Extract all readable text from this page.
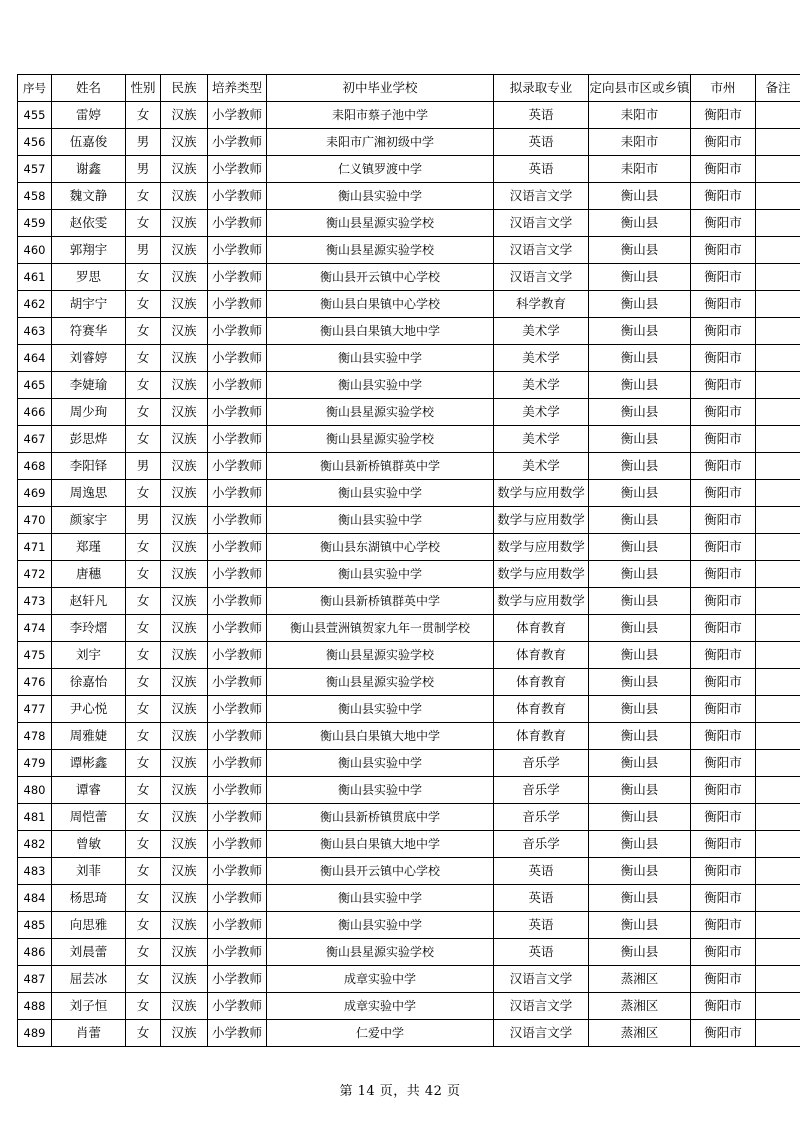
序号	姓名	性别	民族	培养类型	初中毕业学校	拟录取专业	定向县市区或乡镇	市州	备注
455	雷婷	女	汉族	小学教师	耒阳市蔡子池中学	英语	耒阳市	衡阳市	
456	伍嘉俊	男	汉族	小学教师	耒阳市广湘初级中学	英语	耒阳市	衡阳市	
457	谢鑫	男	汉族	小学教师	仁义镇罗渡中学	英语	耒阳市	衡阳市	
458	魏文静	女	汉族	小学教师	衡山县实验中学	汉语言文学	衡山县	衡阳市	
459	赵依雯	女	汉族	小学教师	衡山县星源实验学校	汉语言文学	衡山县	衡阳市	
460	郭翔宇	男	汉族	小学教师	衡山县星源实验学校	汉语言文学	衡山县	衡阳市	
461	罗思	女	汉族	小学教师	衡山县开云镇中心学校	汉语言文学	衡山县	衡阳市	
462	胡宇宁	女	汉族	小学教师	衡山县白果镇中心学校	科学教育	衡山县	衡阳市	
463	符赛华	女	汉族	小学教师	衡山县白果镇大地中学	美术学	衡山县	衡阳市	
464	刘睿婷	女	汉族	小学教师	衡山县实验中学	美术学	衡山县	衡阳市	
465	李婕瑜	女	汉族	小学教师	衡山县实验中学	美术学	衡山县	衡阳市	
466	周少珣	女	汉族	小学教师	衡山县星源实验学校	美术学	衡山县	衡阳市	
467	彭思烨	女	汉族	小学教师	衡山县星源实验学校	美术学	衡山县	衡阳市	
468	李阳铎	男	汉族	小学教师	衡山县新桥镇群英中学	美术学	衡山县	衡阳市	
469	周逸思	女	汉族	小学教师	衡山县实验中学	数学与应用数学	衡山县	衡阳市	
470	颜家宇	男	汉族	小学教师	衡山县实验中学	数学与应用数学	衡山县	衡阳市	
471	郑瑾	女	汉族	小学教师	衡山县东湖镇中心学校	数学与应用数学	衡山县	衡阳市	
472	唐穗	女	汉族	小学教师	衡山县实验中学	数学与应用数学	衡山县	衡阳市	
473	赵轩凡	女	汉族	小学教师	衡山县新桥镇群英中学	数学与应用数学	衡山县	衡阳市	
474	李玲熠	女	汉族	小学教师	衡山县萱洲镇贺家九年一贯制学校	体育教育	衡山县	衡阳市	
475	刘宇	女	汉族	小学教师	衡山县星源实验学校	体育教育	衡山县	衡阳市	
476	徐嘉怡	女	汉族	小学教师	衡山县星源实验学校	体育教育	衡山县	衡阳市	
477	尹心悦	女	汉族	小学教师	衡山县实验中学	体育教育	衡山县	衡阳市	
478	周雅婕	女	汉族	小学教师	衡山县白果镇大地中学	体育教育	衡山县	衡阳市	
479	谭彬鑫	女	汉族	小学教师	衡山县实验中学	音乐学	衡山县	衡阳市	
480	谭睿	女	汉族	小学教师	衡山县实验中学	音乐学	衡山县	衡阳市	
481	周恺蕾	女	汉族	小学教师	衡山县新桥镇贯底中学	音乐学	衡山县	衡阳市	
482	曾敏	女	汉族	小学教师	衡山县白果镇大地中学	音乐学	衡山县	衡阳市	
483	刘菲	女	汉族	小学教师	衡山县开云镇中心学校	英语	衡山县	衡阳市	
484	杨思琦	女	汉族	小学教师	衡山县实验中学	英语	衡山县	衡阳市	
485	向思雅	女	汉族	小学教师	衡山县实验中学	英语	衡山县	衡阳市	
486	刘晨蕾	女	汉族	小学教师	衡山县星源实验学校	英语	衡山县	衡阳市	
487	屈芸冰	女	汉族	小学教师	成章实验中学	汉语言文学	蒸湘区	衡阳市	
488	刘子恒	女	汉族	小学教师	成章实验中学	汉语言文学	蒸湘区	衡阳市	
489	肖蕾	女	汉族	小学教师	仁爱中学	汉语言文学	蒸湘区	衡阳市	
第 14 页，共 42 页
